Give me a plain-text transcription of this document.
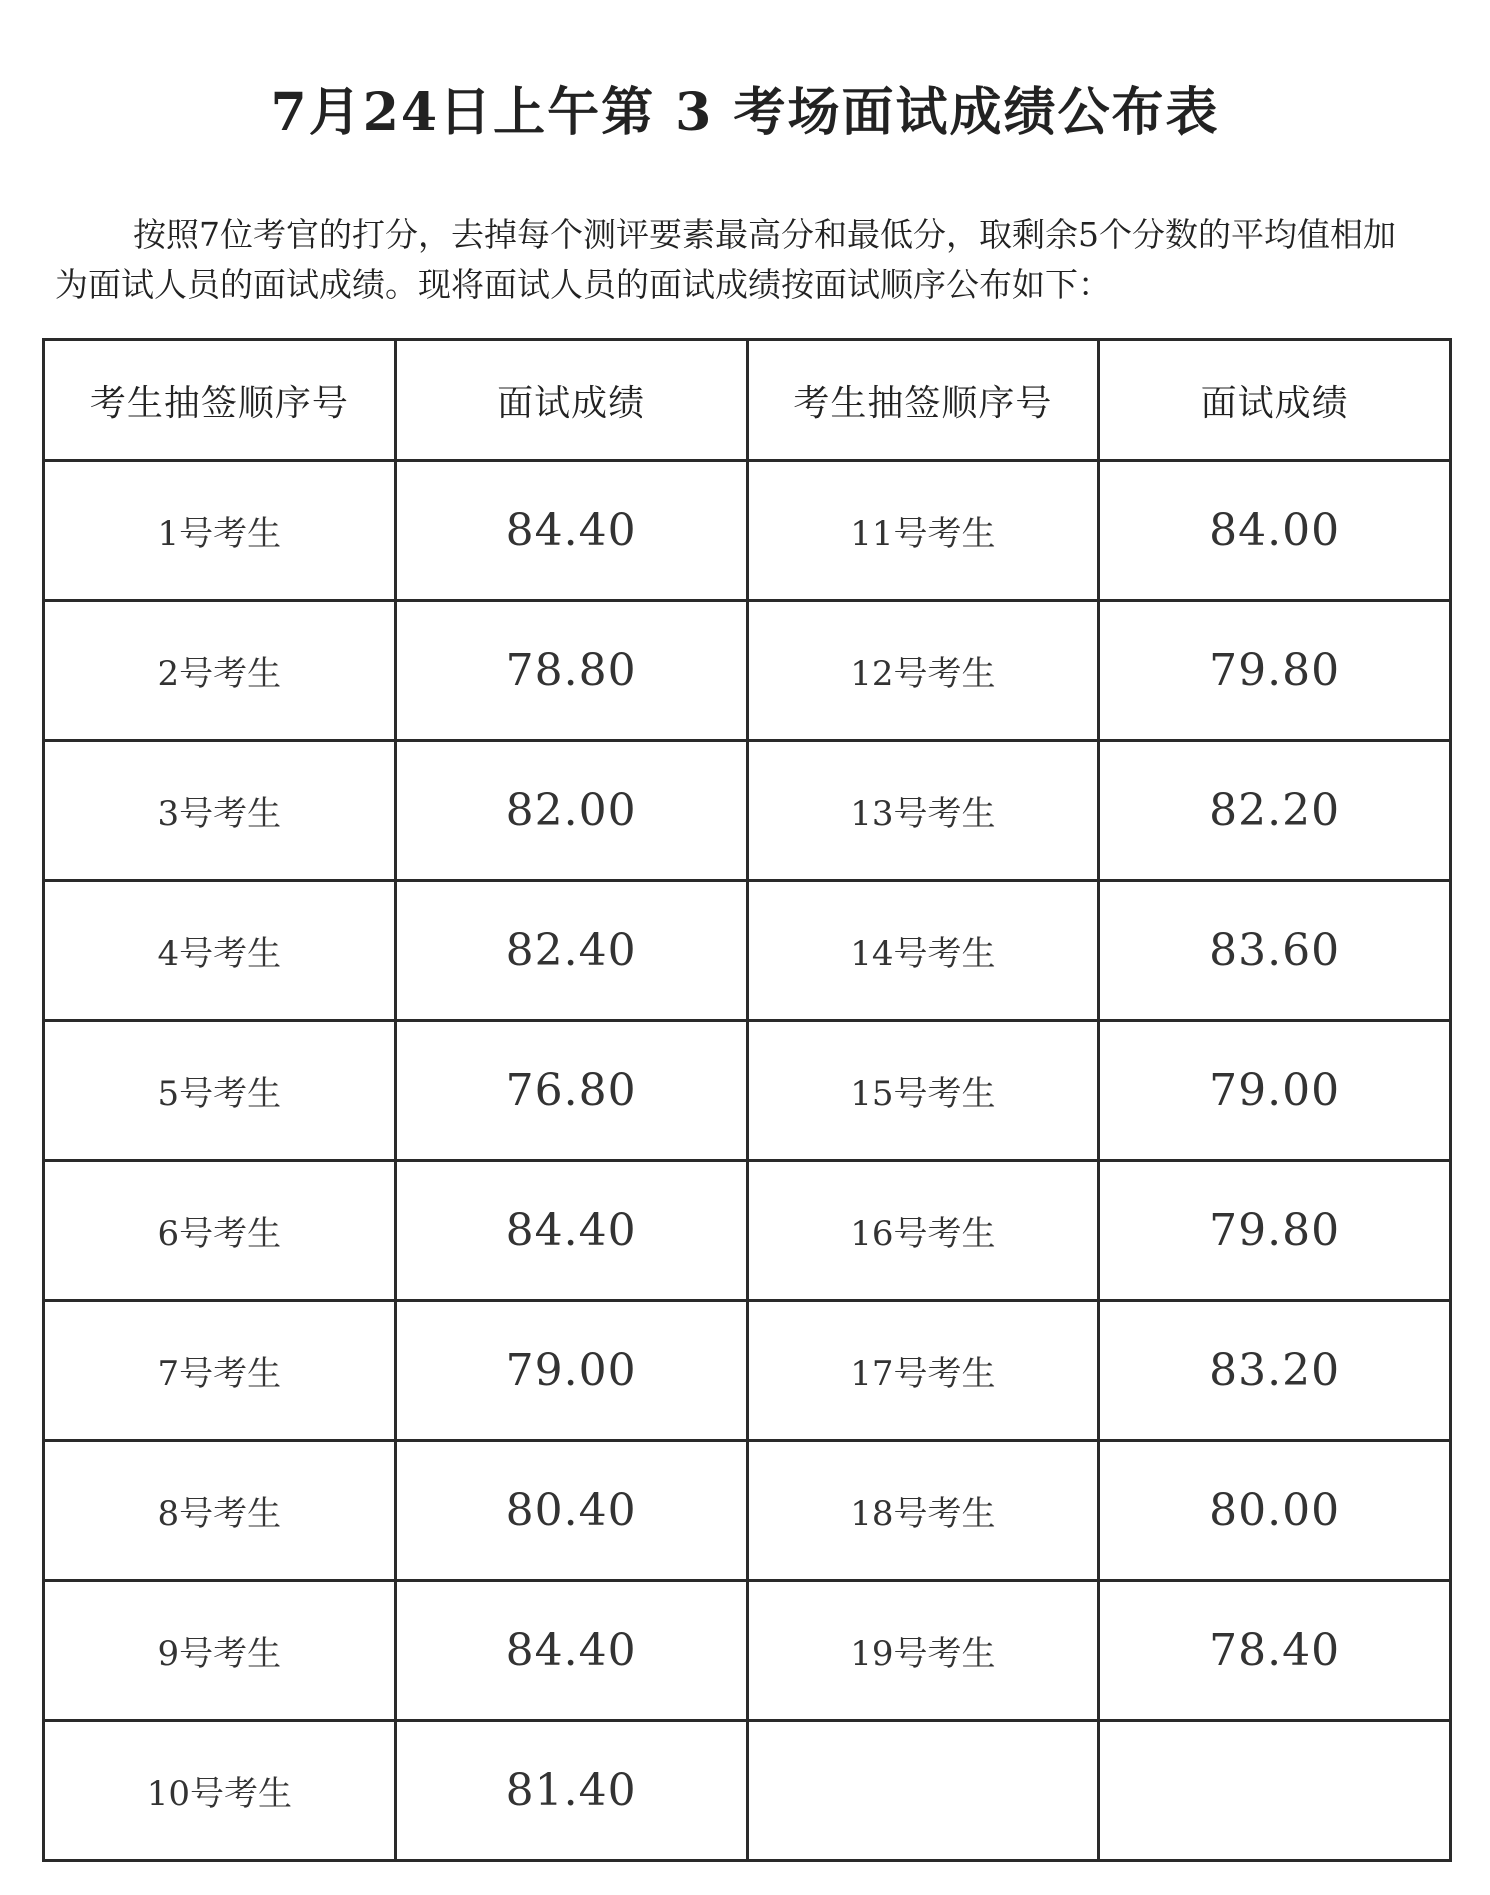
7月24日上午第 3 考场面试成绩公布表
按照7位考官的打分，去掉每个测评要素最高分和最低分，取剩余5个分数的平均值相加为面试人员的面试成绩。现将面试人员的面试成绩按面试顺序公布如下：
考生抽签顺序号	面试成绩	考生抽签顺序号	面试成绩
1号考生	84.40	11号考生	84.00
2号考生	78.80	12号考生	79.80
3号考生	82.00	13号考生	82.20
4号考生	82.40	14号考生	83.60
5号考生	76.80	15号考生	79.00
6号考生	84.40	16号考生	79.80
7号考生	79.00	17号考生	83.20
8号考生	80.40	18号考生	80.00
9号考生	84.40	19号考生	78.40
10号考生	81.40		
